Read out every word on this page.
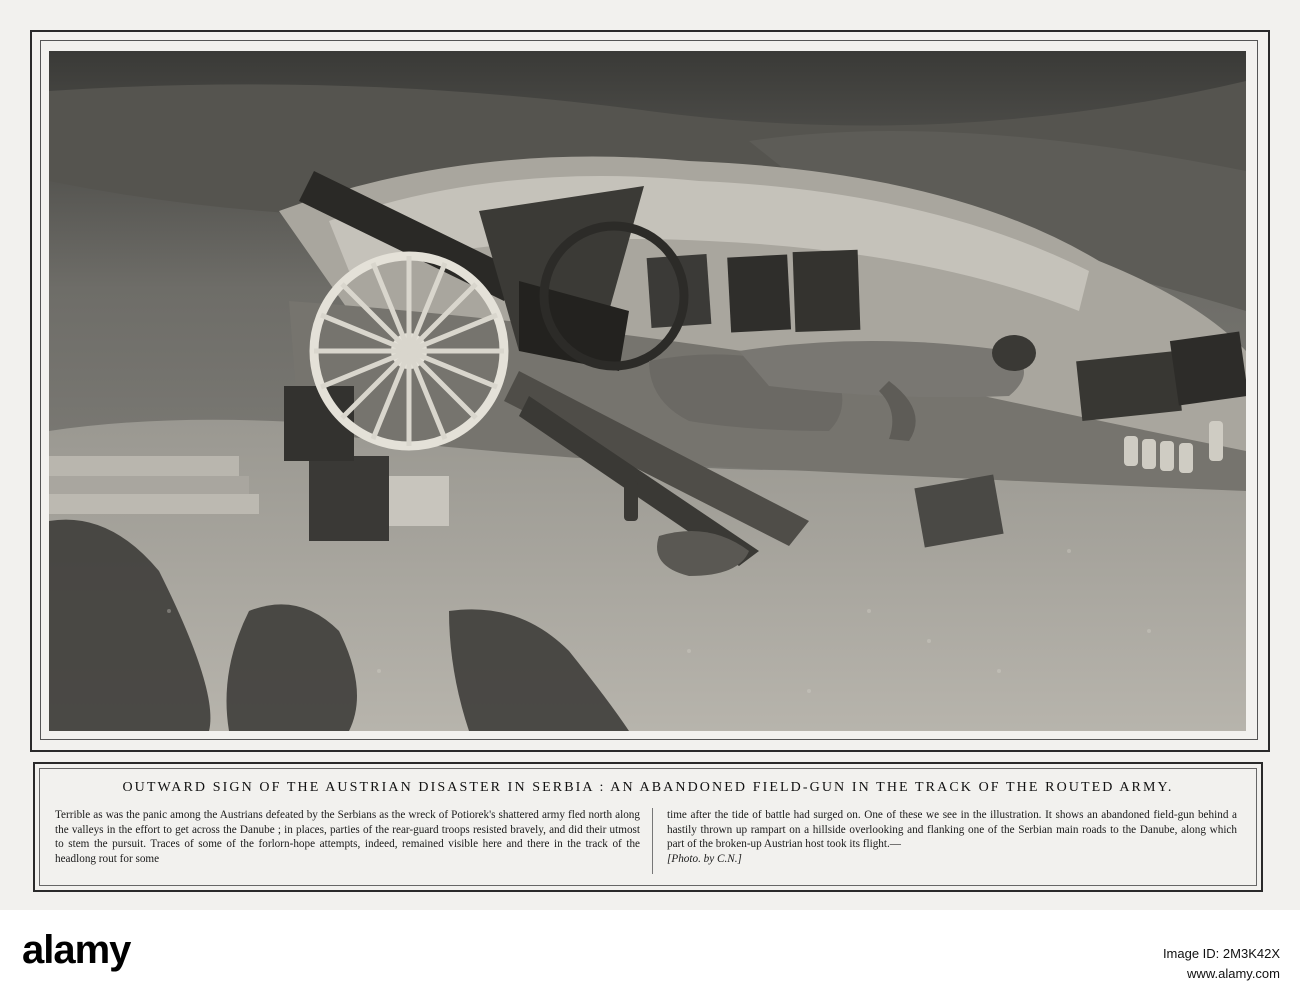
OUTWARD SIGN OF THE AUSTRIAN DISASTER IN SERBIA : AN ABANDONED FIELD-GUN IN THE TRACK OF THE ROUTED ARMY.
Terrible as was the panic among the Austrians defeated by the Serbians as the wreck of Potiorek's shattered army fled north along the valleys in the effort to get across the Danube ; in places, parties of the rear-guard troops resisted bravely, and did their utmost to stem the pursuit. Traces of some of the forlorn-hope attempts, indeed, remained visible here and there in the track of the headlong rout for some
time after the tide of battle had surged on. One of these we see in the illustration. It shows an abandoned field-gun behind a hastily thrown up rampart on a hillside overlooking and flanking one of the Serbian main roads to the Danube, along which part of the broken-up Austrian host took its flight.—
[Photo. by C.N.]
alamy	Image ID: 2M3K42X
www.alamy.com
